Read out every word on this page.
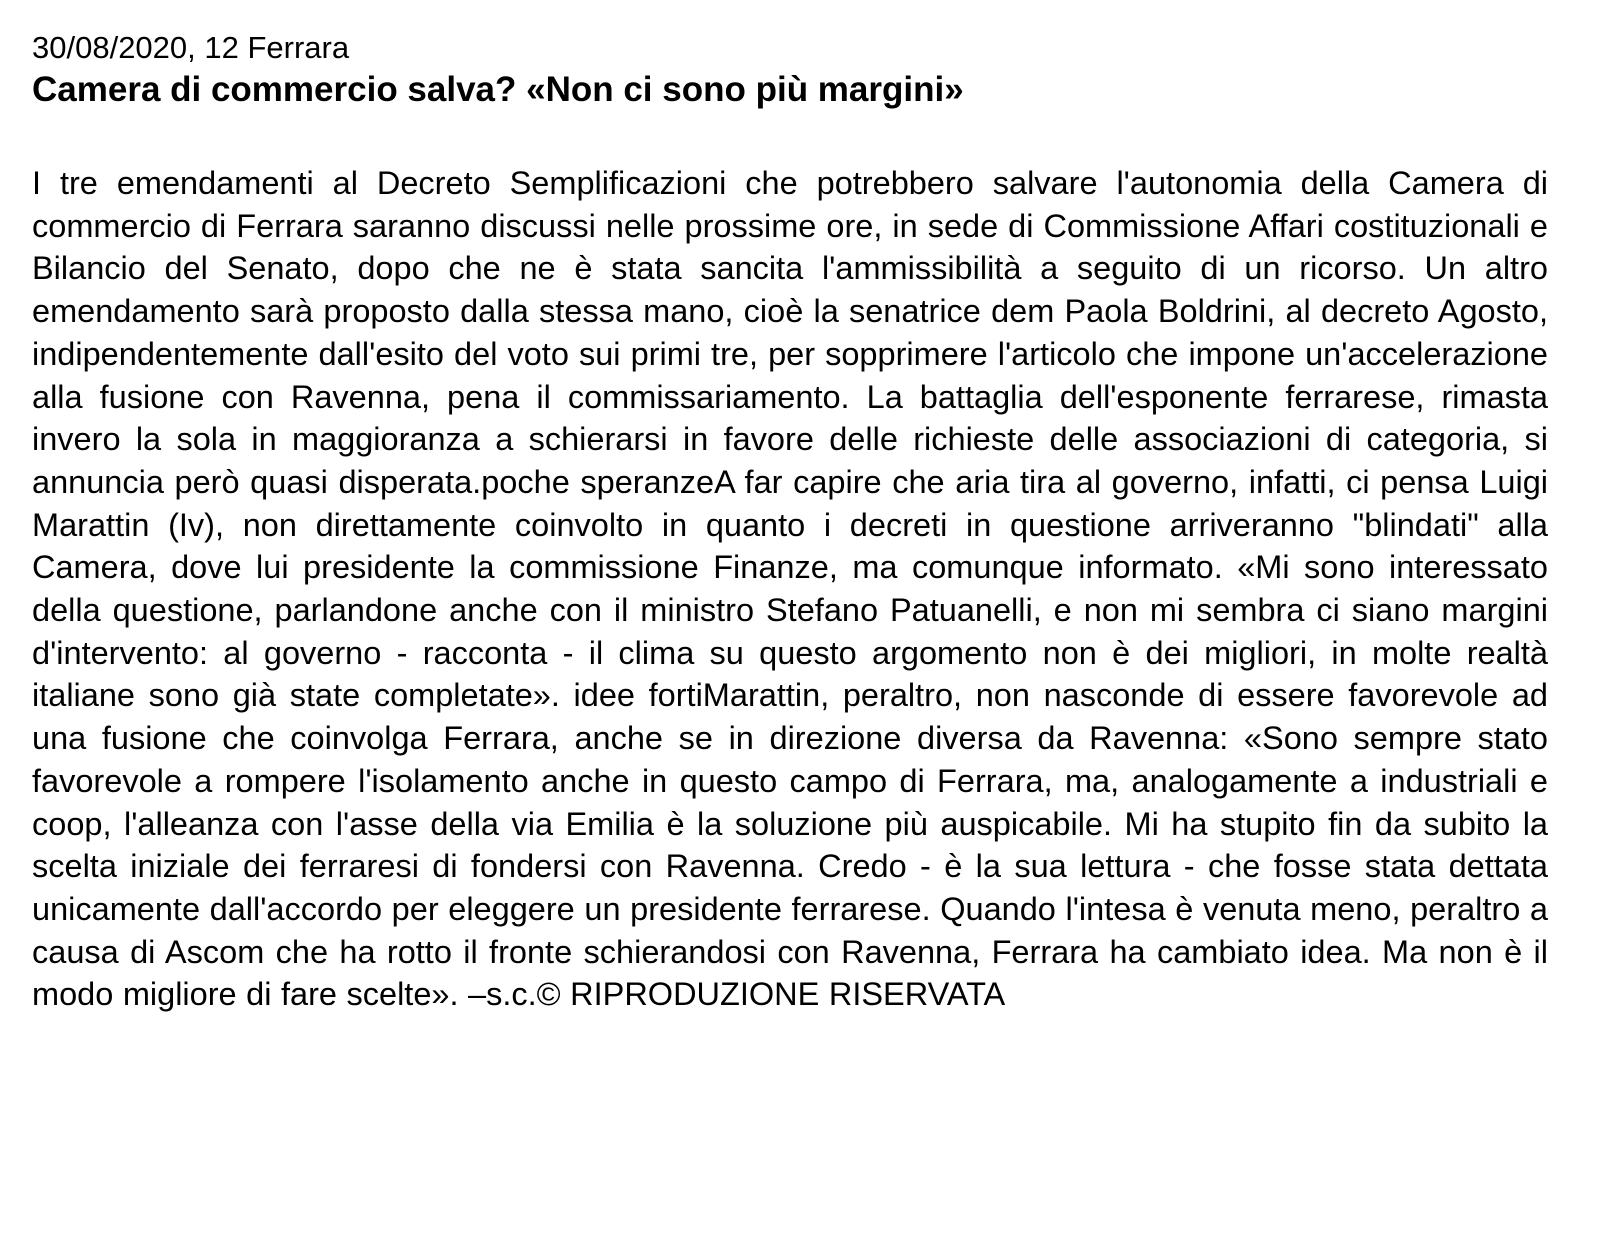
30/08/2020, 12 Ferrara

Camera di commercio salva? «Non ci sono più margini»

I tre emendamenti al Decreto Semplificazioni che potrebbero salvare l'autonomia della Camera di commercio di Ferrara saranno discussi nelle prossime ore, in sede di Commissione Affari costituzionali e Bilancio del Senato, dopo che ne è stata sancita l'ammissibilità a seguito di un ricorso. Un altro emendamento sarà proposto dalla stessa mano, cioè la senatrice dem Paola Boldrini, al decreto Agosto, indipendentemente dall'esito del voto sui primi tre, per sopprimere l'articolo che impone un'accelerazione alla fusione con Ravenna, pena il commissariamento. La battaglia dell'esponente ferrarese, rimasta invero la sola in maggioranza a schierarsi in favore delle richieste delle associazioni di categoria, si annuncia però quasi disperata.poche speranzeA far capire che aria tira al governo, infatti, ci pensa Luigi Marattin (Iv), non direttamente coinvolto in quanto i decreti in questione arriveranno "blindati" alla Camera, dove lui presidente la commissione Finanze, ma comunque informato. «Mi sono interessato della questione, parlandone anche con il ministro Stefano Patuanelli, e non mi sembra ci siano margini d'intervento: al governo - racconta - il clima su questo argomento non è dei migliori, in molte realtà italiane sono già state completate». idee fortiMarattin, peraltro, non nasconde di essere favorevole ad una fusione che coinvolga Ferrara, anche se in direzione diversa da Ravenna: «Sono sempre stato favorevole a rompere l'isolamento anche in questo campo di Ferrara, ma, analogamente a industriali e coop, l'alleanza con l'asse della via Emilia è la soluzione più auspicabile. Mi ha stupito fin da subito la scelta iniziale dei ferraresi di fondersi con Ravenna. Credo - è la sua lettura - che fosse stata dettata unicamente dall'accordo per eleggere un presidente ferrarese. Quando l'intesa è venuta meno, peraltro a causa di Ascom che ha rotto il fronte schierandosi con Ravenna, Ferrara ha cambiato idea. Ma non è il modo migliore di fare scelte». –s.c.© RIPRODUZIONE RISERVATA
